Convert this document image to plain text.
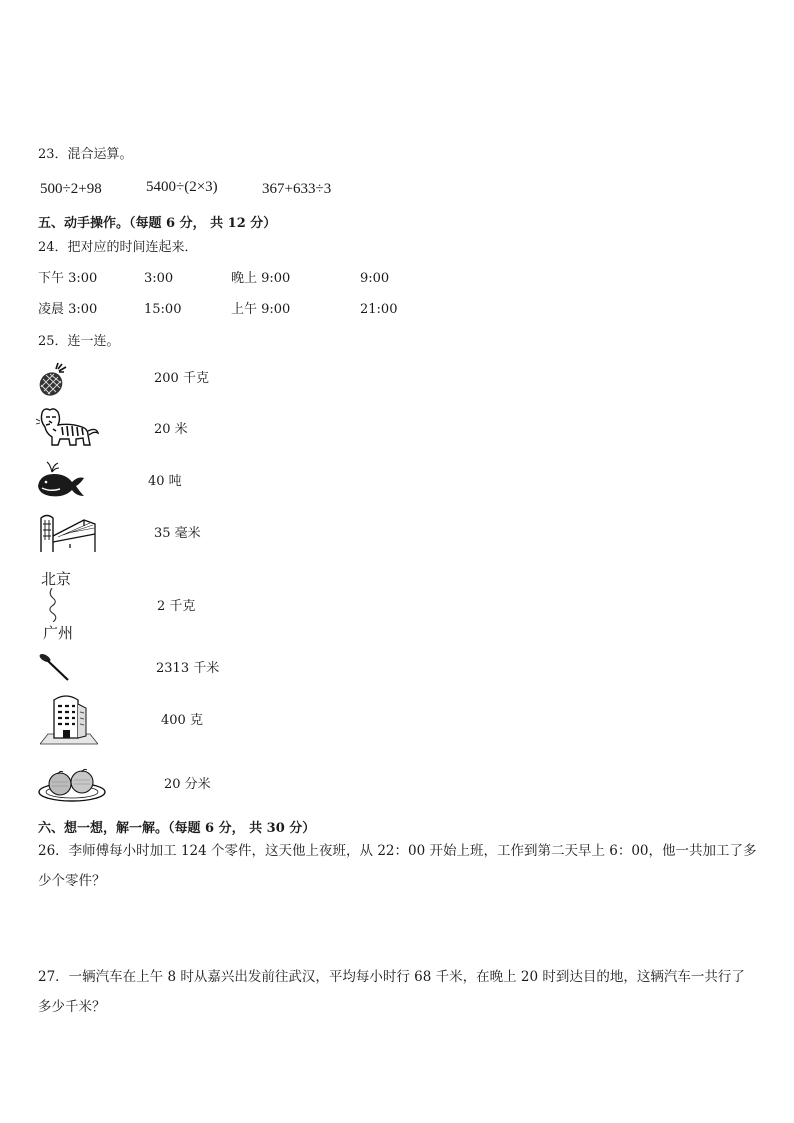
23．混合运算。
500÷2+98	5400÷(2×3)	367+633÷3
五、动手操作。（每题 6 分， 共 12 分）
24．把对应的时间连起来．
下午 3:00	3:00	晚上 9:00	9:00
凌晨 3:00	15:00	上午 9:00	21:00
25．连一连。
200 千克
20 米
40 吨
35 毫米
北京
广州
2 千克
2313 千米
400 克
20 分米
六、想一想，解一解。（每题 6 分， 共 30 分）
26．李师傅每小时加工 124 个零件，这天他上夜班，从 22：00 开始上班，工作到第二天早上 6：00，他一共加工了多少个零件？
27．一辆汽车在上午 8 时从嘉兴出发前往武汉，平均每小时行 68 千米，在晚上 20 时到达目的地，这辆汽车一共行了多少千米？
